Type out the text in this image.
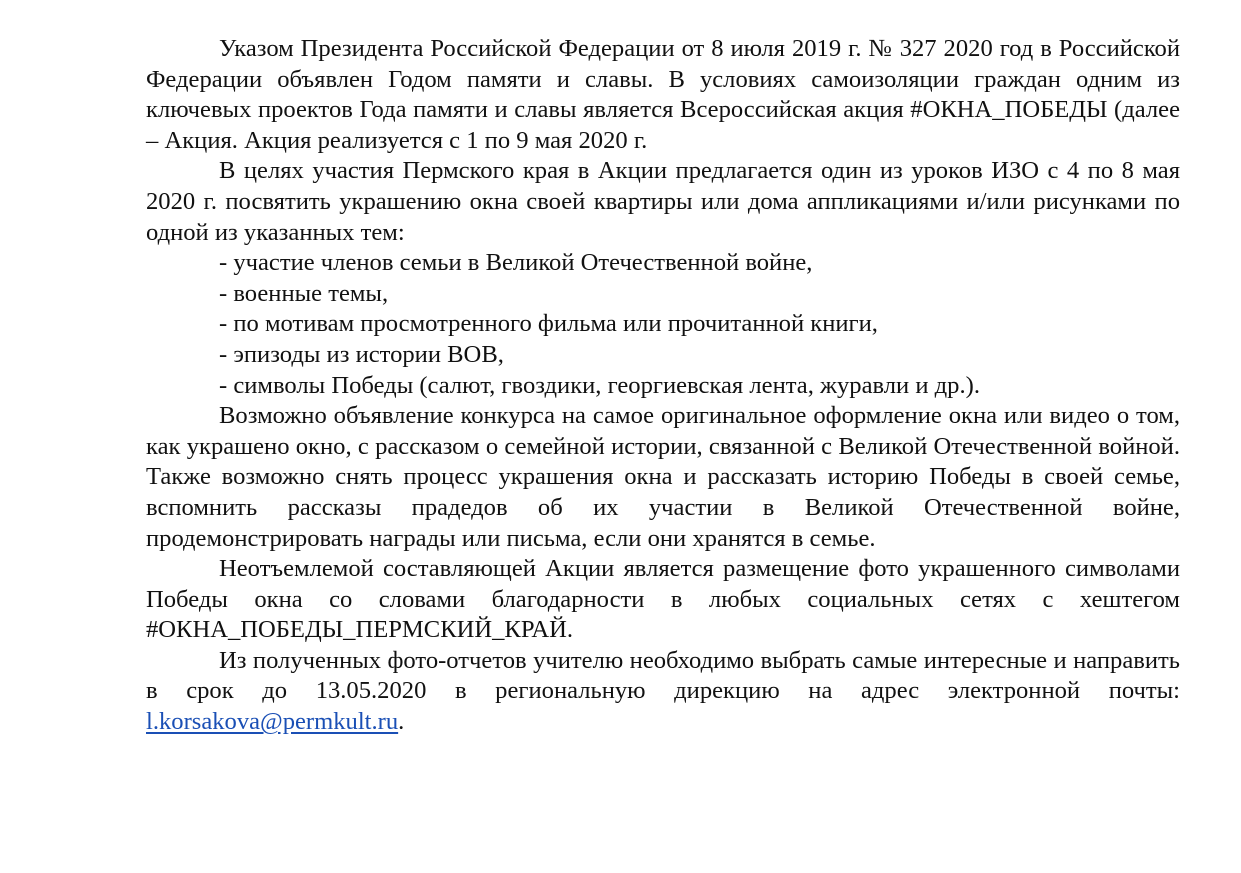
Указом Президента Российской Федерации от 8 июля 2019 г. № 327 2020 год в Российской Федерации объявлен Годом памяти и славы. В условиях самоизоляции граждан одним из ключевых проектов Года памяти и славы является Всероссийская акция #ОКНА_ПОБЕДЫ (далее – Акция. Акция реализуется с 1 по 9 мая 2020 г.

В целях участия Пермского края в Акции предлагается один из уроков ИЗО с 4 по 8 мая 2020 г. посвятить украшению окна своей квартиры или дома аппликациями и/или рисунками по одной из указанных тем:

- участие членов семьи в Великой Отечественной войне,
- военные темы,
- по мотивам просмотренного фильма или прочитанной книги,
- эпизоды из истории ВОВ,
- символы Победы (салют, гвоздики, георгиевская лента, журавли и др.).

Возможно объявление конкурса на самое оригинальное оформление окна или видео о том, как украшено окно, с рассказом о семейной истории, связанной с Великой Отечественной войной. Также возможно снять процесс украшения окна и рассказать историю Победы в своей семье, вспомнить рассказы прадедов об их участии в Великой Отечественной войне, продемонстрировать награды или письма, если они хранятся в семье.

Неотъемлемой составляющей Акции является размещение фото украшенного символами Победы окна со словами благодарности в любых социальных сетях с хештегом #ОКНА_ПОБЕДЫ_ПЕРМСКИЙ_КРАЙ.

Из полученных фото-отчетов учителю необходимо выбрать самые интересные и направить в срок до 13.05.2020 в региональную дирекцию на адрес электронной почты: l.korsakova@permkult.ru.
